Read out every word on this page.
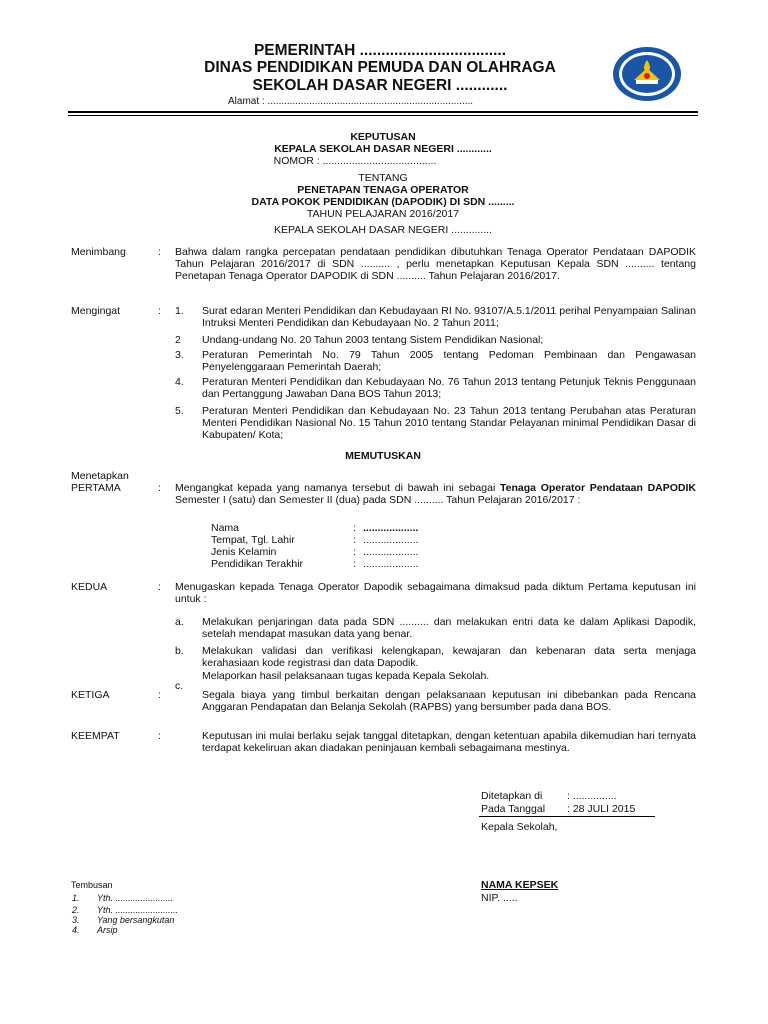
PEMERINTAH ..................................
DINAS PENDIDIKAN PEMUDA DAN OLAHRAGA
SEKOLAH DASAR NEGERI ............
Alamat : ..........................................................................
KEPUTUSAN
KEPALA SEKOLAH DASAR NEGERI ............
NOMOR : .......................................
TENTANG
PENETAPAN TENAGA OPERATOR
DATA POKOK PENDIDIKAN (DAPODIK) DI SDN .........
TAHUN PELAJARAN 2016/2017
KEPALA SEKOLAH DASAR NEGERI ..............
Menimbang	: Bahwa dalam rangka percepatan pendataan pendidikan dibutuhkan Tenaga Operator Pendataan DAPODIK Tahun Pelajaran 2016/2017 di SDN .......... , perlu menetapkan Keputusan Kepala SDN .......... tentang Penetapan Tenaga Operator DAPODIK di SDN .......... Tahun Pelajaran 2016/2017.
Mengingat	: 1. Surat edaran Menteri Pendidikan dan Kebudayaan RI No. 93107/A.5.1/2011 perihal Penyampaian Salinan Intruksi Menteri Pendidikan dan Kebudayaan No. 2 Tahun 2011;
2 Undang-undang No. 20 Tahun 2003 tentang Sistem Pendidikan Nasional;
3. Peraturan Pemerintah No. 79 Tahun 2005 tentang Pedoman Pembinaan dan Pengawasan Penyelenggaraan Pemerintah Daerah;
4. Peraturan Menteri Pendidikan dan Kebudayaan No. 76 Tahun 2013 tentang Petunjuk Teknis Penggunaan dan Pertanggung Jawaban Dana BOS Tahun 2013;
5. Peraturan Menteri Pendidikan dan Kebudayaan No. 23 Tahun 2013 tentang Perubahan atas Peraturan Menteri Pendidikan Nasional No. 15 Tahun 2010 tentang Standar Pelayanan minimal Pendidikan Dasar di Kabupaten/ Kota;
MEMUTUSKAN
Menetapkan
PERTAMA	: Mengangkat kepada yang namanya tersebut di bawah ini sebagai Tenaga Operator Pendataan DAPODIK Semester I (satu) dan Semester II (dua) pada SDN .......... Tahun Pelajaran 2016/2017 :
Nama	: ...................
Tempat, Tgl. Lahir	: ...................
Jenis Kelamin	: ...................
Pendidikan Terakhir	: ...................
KEDUA	: Menugaskan kepada Tenaga Operator Dapodik sebagaimana dimaksud pada diktum Pertama keputusan ini untuk :
a. Melakukan penjaringan data pada SDN .......... dan melakukan entri data ke dalam Aplikasi Dapodik, setelah mendapat masukan data yang benar.
b. Melakukan validasi dan verifikasi kelengkapan, kewajaran dan kebenaran data serta menjaga kerahasiaan kode registrasi dan data Dapodik.
c.
Melaporkan hasil pelaksanaan tugas kepada Kepala Sekolah.
KETIGA	:	Segala biaya yang timbul berkaitan dengan pelaksanaan keputusan ini dibebankan pada Rencana Anggaran Pendapatan dan Belanja Sekolah (RAPBS) yang bersumber pada dana BOS.
KEEMPAT	:	Keputusan ini mulai berlaku sejak tanggal ditetapkan, dengan ketentuan apabila dikemudian hari ternyata terdapat kekeliruan akan diadakan peninjauan kembali sebagaimana mestinya.
Ditetapkan di : ...............
Pada Tanggal : 28 JULI 2015
Kepala Sekolah,
NAMA KEPSEK
NIP. .....
Tembusan
1. Yth. .......................
2. Yth. .........................
3. Yang bersangkutan
4. Arsip
